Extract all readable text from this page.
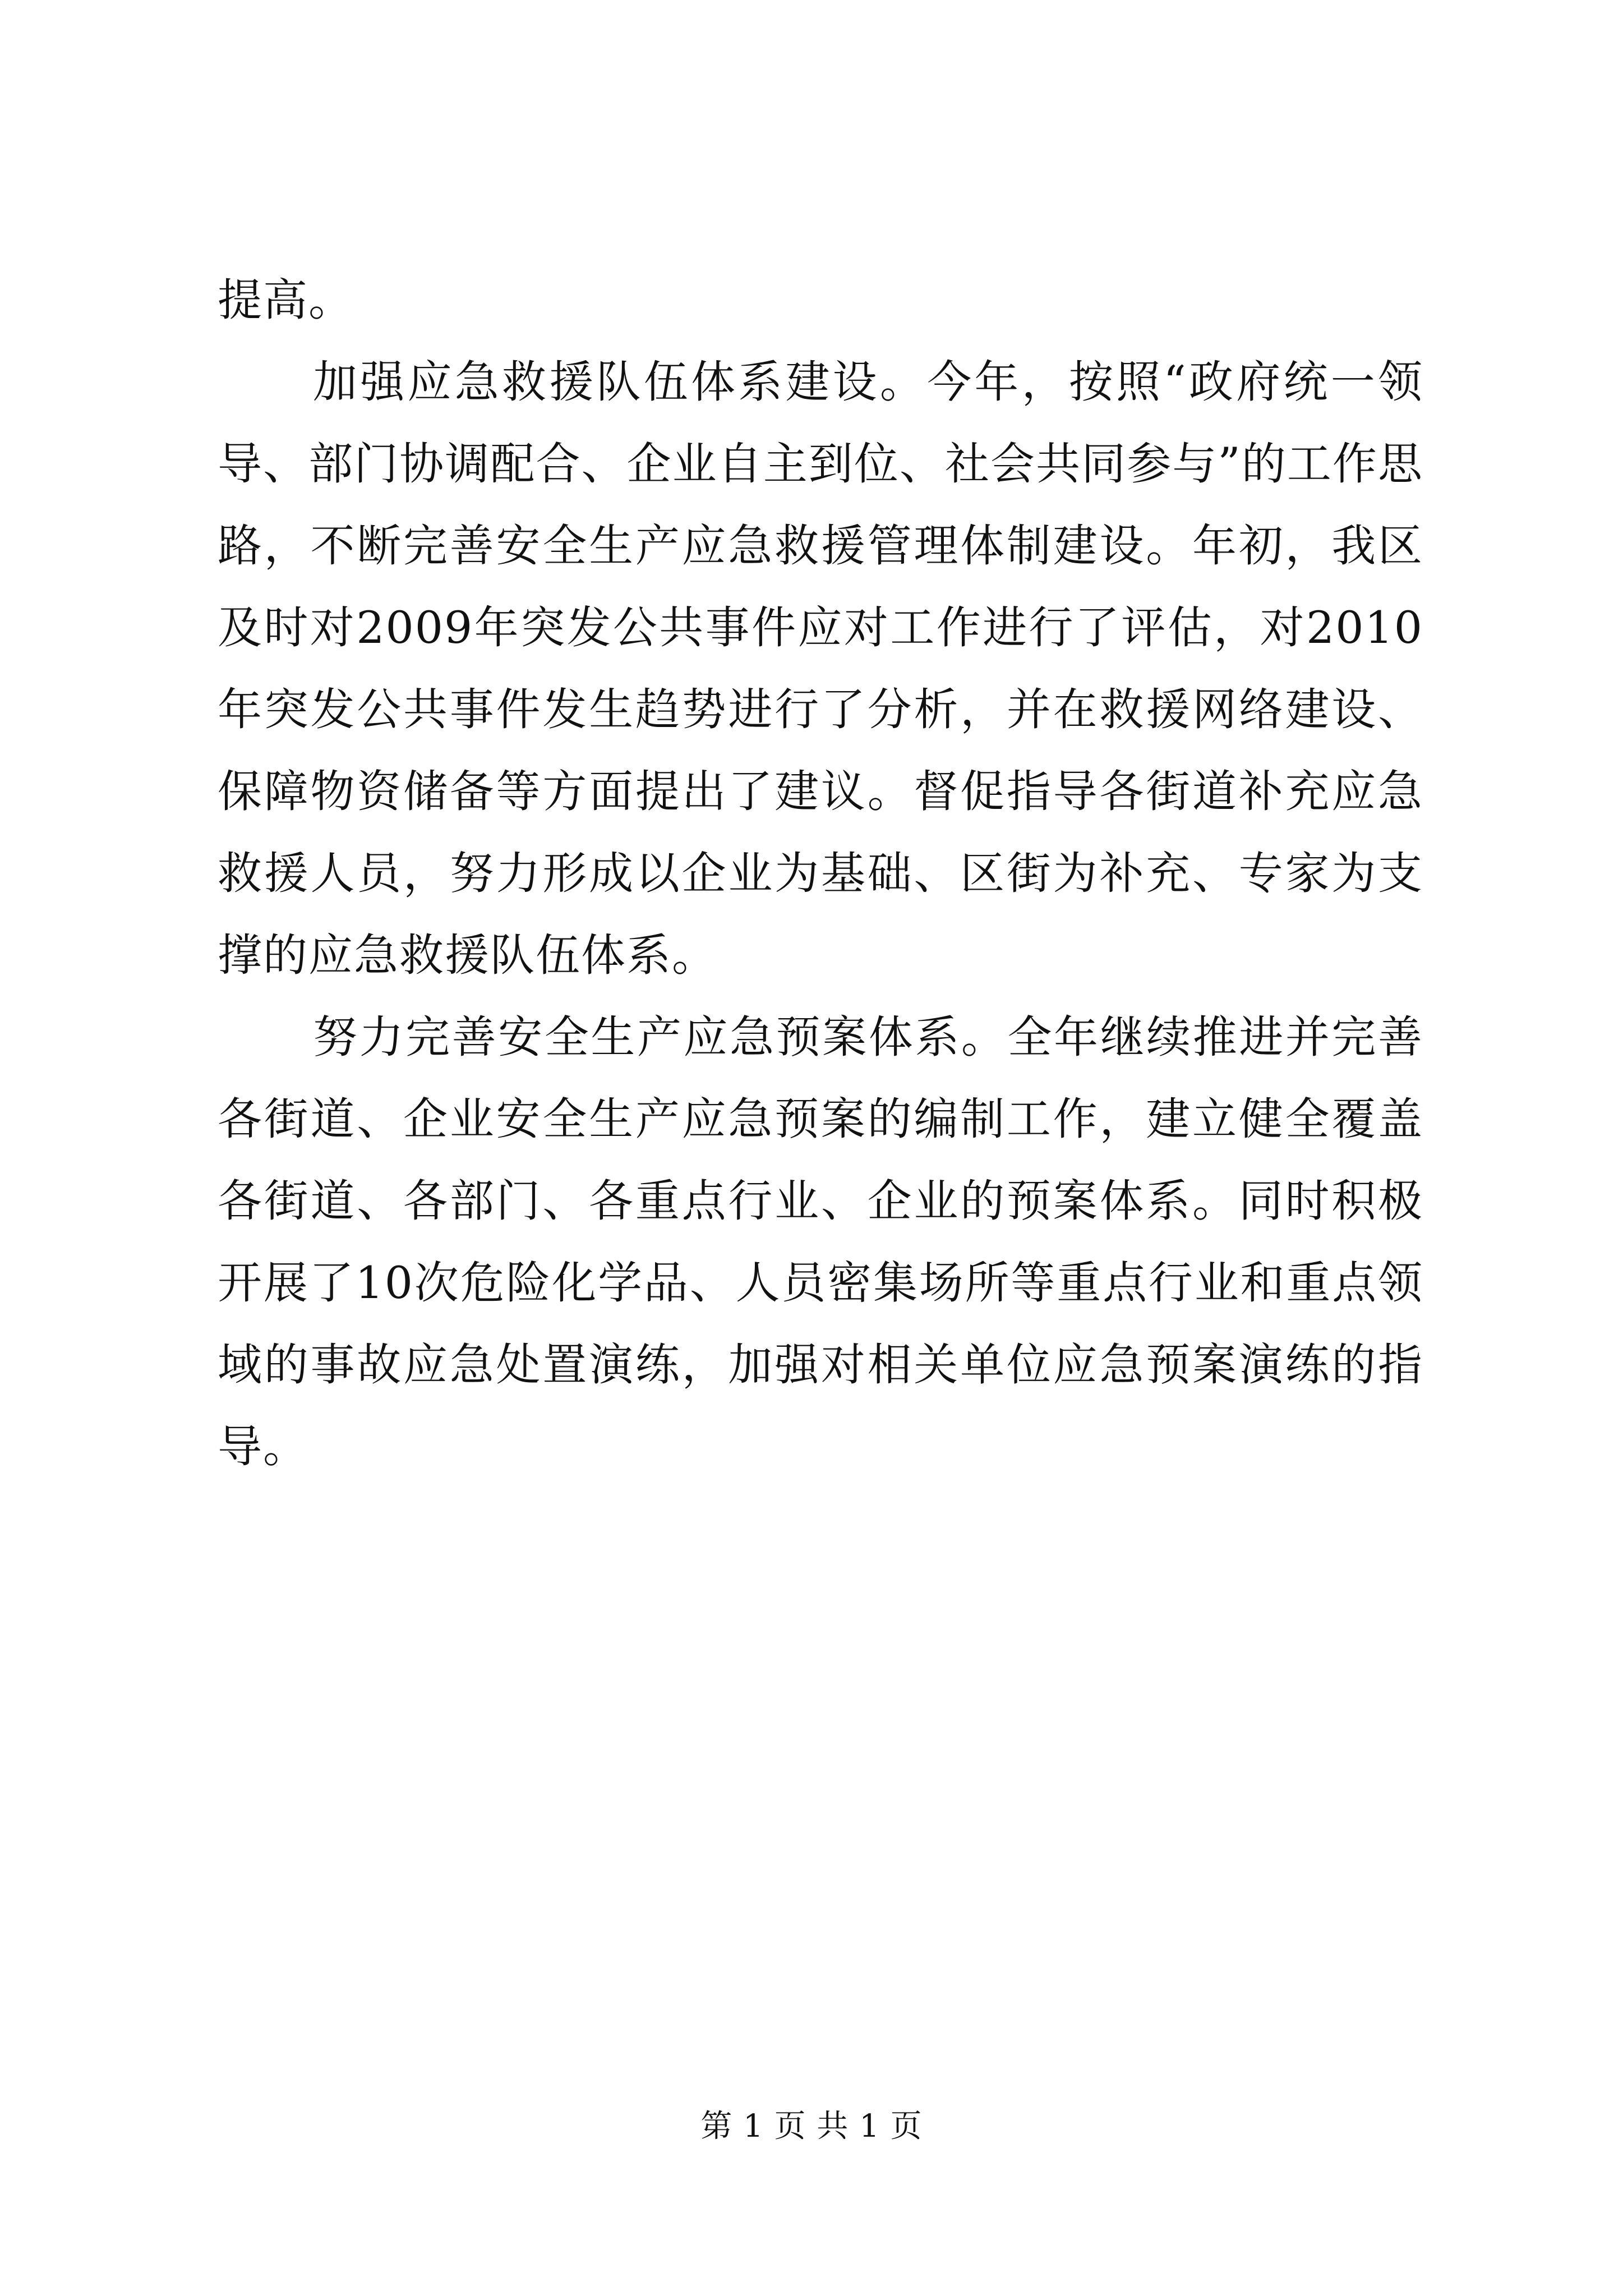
提高。

加强应急救援队伍体系建设。今年，按照“政府统一领导、部门协调配合、企业自主到位、社会共同参与”的工作思路，不断完善安全生产应急救援管理体制建设。年初，我区及时对2009年突发公共事件应对工作进行了评估，对2010年突发公共事件发生趋势进行了分析，并在救援网络建设、保障物资储备等方面提出了建议。督促指导各街道补充应急救援人员，努力形成以企业为基础、区街为补充、专家为支撑的应急救援队伍体系。

努力完善安全生产应急预案体系。全年继续推进并完善各街道、企业安全生产应急预案的编制工作，建立健全覆盖各街道、各部门、各重点行业、企业的预案体系。同时积极开展了10次危险化学品、人员密集场所等重点行业和重点领域的事故应急处置演练，加强对相关单位应急预案演练的指导。

第 1 页 共 1 页
